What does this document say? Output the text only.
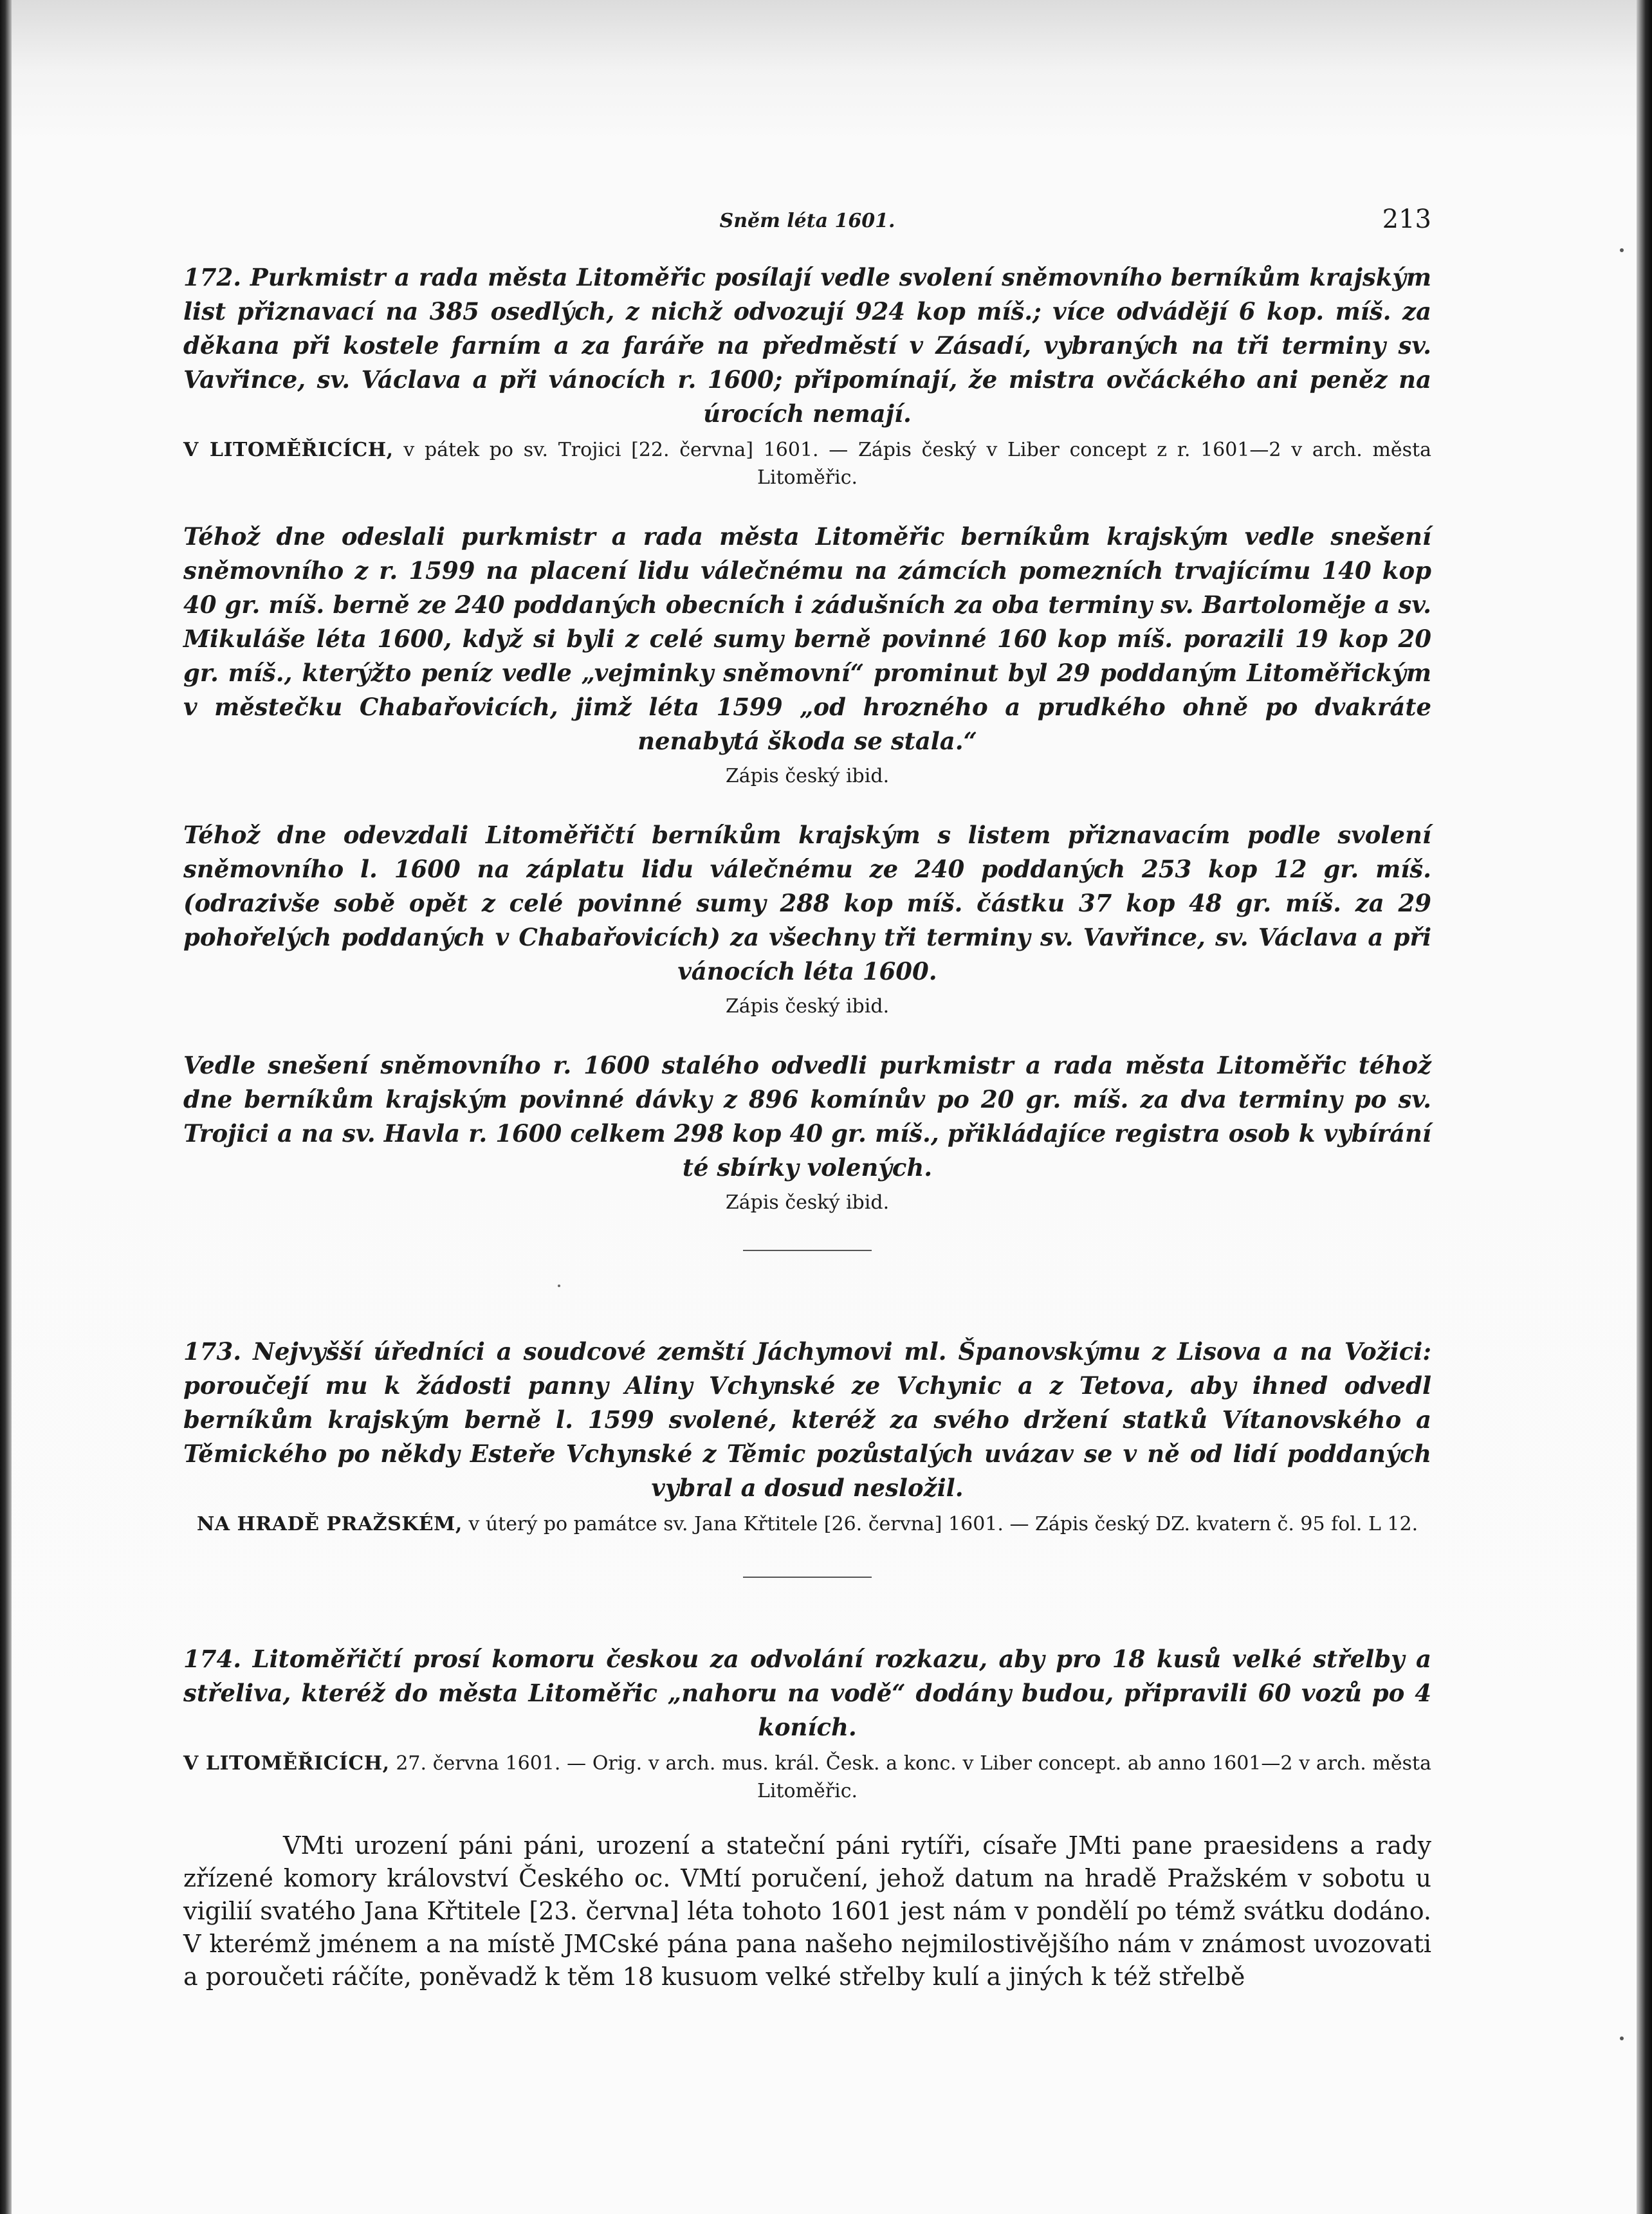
Sněm léta 1601.	213

172. Purkmistr a rada města Litoměřic posílají vedle svolení sněmovního berníkům krajským list přiznavací na 385 osedlých, z nichž odvozují 924 kop míš.; více odvádějí 6 kop. míš. za děkana při kostele farním a za faráře na předměstí v Zásadí, vybraných na tři terminy sv. Vavřince, sv. Václava a při vánocích r. 1600; připomínají, že mistra ovčáckého ani peněz na úrocích nemají.

V LITOMĚŘICÍCH, v pátek po sv. Trojici [22. června] 1601. — Zápis český v Liber concept z r. 1601—2 v arch. města Litoměřic.

Téhož dne odeslali purkmistr a rada města Litoměřic berníkům krajským vedle snešení sněmovního z r. 1599 na placení lidu válečnému na zámcích pomezních trvajícímu 140 kop 40 gr. míš. berně ze 240 poddaných obecních i zádušních za oba terminy sv. Bartoloměje a sv. Mikuláše léta 1600, když si byli z celé sumy berně povinné 160 kop míš. porazili 19 kop 20 gr. míš., kterýžto peníz vedle „vejminky sněmovní“ prominut byl 29 poddaným Litoměřickým v městečku Chabařovicích, jimž léta 1599 „od hrozného a prudkého ohně po dvakráte nenabytá škoda se stala.“

Zápis český ibid.

Téhož dne odevzdali Litoměřičtí berníkům krajským s listem přiznavacím podle svolení sněmovního l. 1600 na záplatu lidu válečnému ze 240 poddaných 253 kop 12 gr. míš. (odrazivše sobě opět z celé povinné sumy 288 kop míš. částku 37 kop 48 gr. míš. za 29 pohořelých poddaných v Chabařovicích) za všechny tři terminy sv. Vavřince, sv. Václava a při vánocích léta 1600.

Zápis český ibid.

Vedle snešení sněmovního r. 1600 stalého odvedli purkmistr a rada města Litoměřic téhož dne berníkům krajským povinné dávky z 896 komínův po 20 gr. míš. za dva terminy po sv. Trojici a na sv. Havla r. 1600 celkem 298 kop 40 gr. míš., přikládajíce registra osob k vybírání té sbírky volených.

Zápis český ibid.

173. Nejvyšší úředníci a soudcové zemští Jáchymovi ml. Španovskýmu z Lisova a na Vožici: poroučejí mu k žádosti panny Aliny Vchynské ze Vchynic a z Tetova, aby ihned odvedl berníkům krajským berně l. 1599 svolené, kteréž za svého držení statků Vítanovského a Těmického po někdy Esteře Vchynské z Těmic pozůstalých uvázav se v ně od lidí poddaných vybral a dosud nesložil.

NA HRADĚ PRAŽSKÉM, v úterý po památce sv. Jana Křtitele [26. června] 1601. — Zápis český DZ. kvatern č. 95 fol. L 12.

174. Litoměřičtí prosí komoru českou za odvolání rozkazu, aby pro 18 kusů velké střelby a střeliva, kteréž do města Litoměřic „nahoru na vodě“ dodány budou, připravili 60 vozů po 4 koních.

V LITOMĚŘICÍCH, 27. června 1601. — Orig. v arch. mus. král. Česk. a konc. v Liber concept. ab anno 1601—2 v arch. města Litoměřic.

VMti urození páni páni, urození a stateční páni rytíři, císaře JMti pane praesidens a rady zřízené komory království Českého oc. VMtí poručení, jehož datum na hradě Pražském v sobotu u vigilií svatého Jana Křtitele [23. června] léta tohoto 1601 jest nám v pondělí po témž svátku dodáno. V kterémž jménem a na místě JMCské pána pana našeho nejmilostivějšího nám v známost uvozovati a poroučeti ráčíte, poněvadž k těm 18 kusuom velké střelby kulí a jiných k též střelbě
